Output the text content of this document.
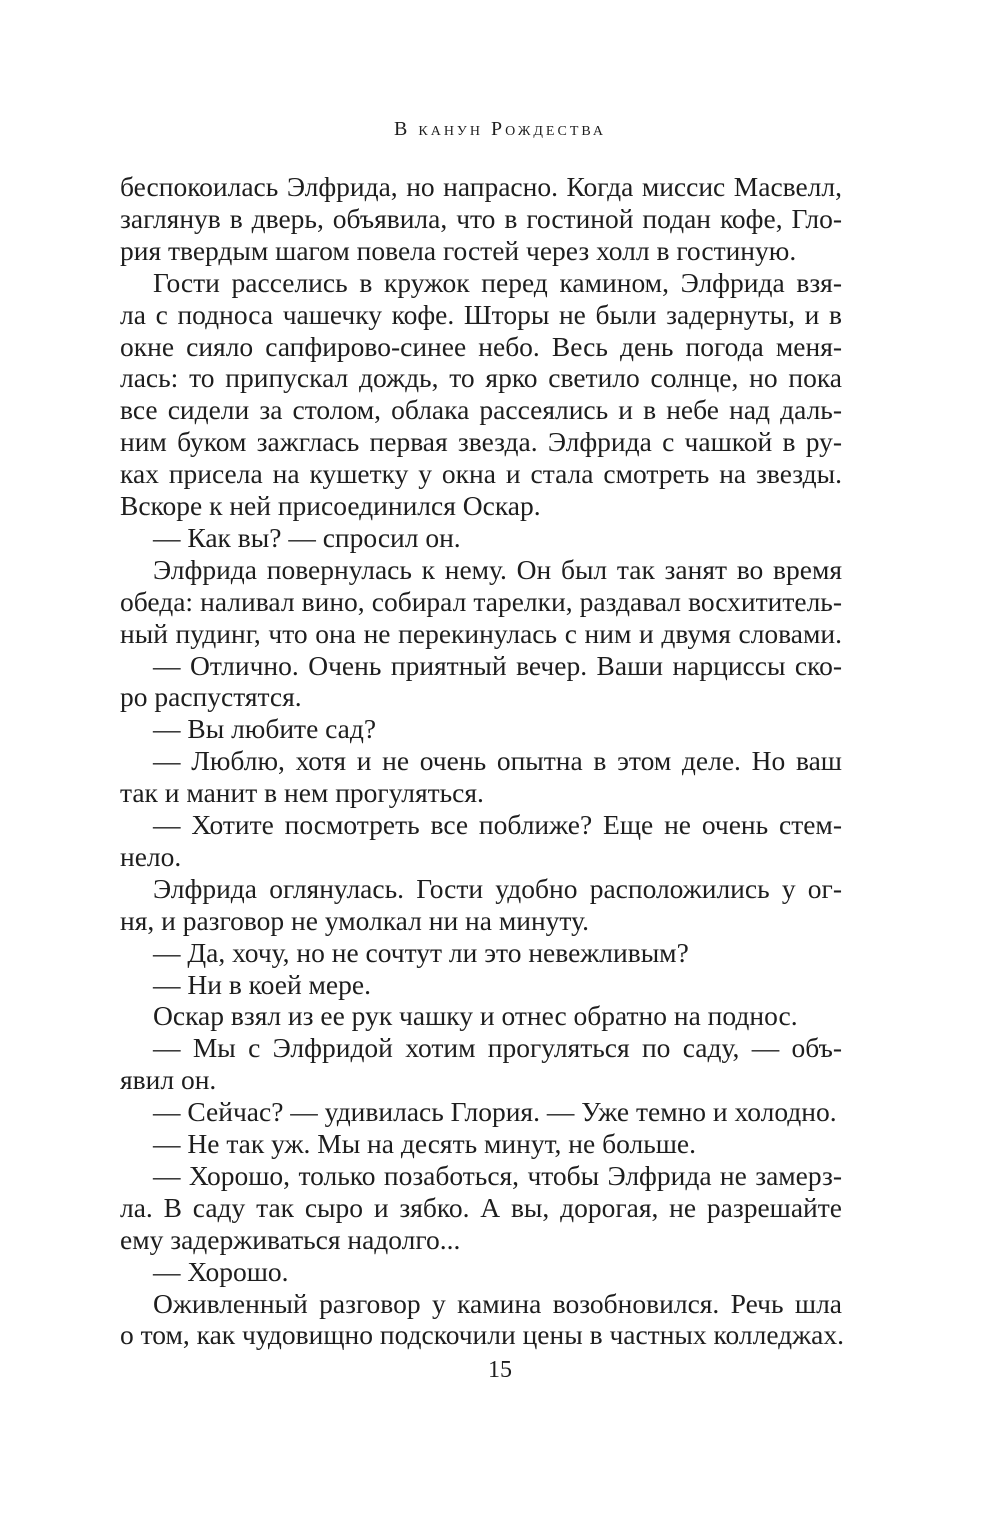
В канун Рождества
беспокоилась Элфрида, но напрасно. Когда миссис Масвелл,
заглянув в дверь, объявила, что в гостиной подан кофе, Гло-
рия твердым шагом повела гостей через холл в гостиную.
Гости расселись в кружок перед камином, Элфрида взя-
ла с подноса чашечку кофе. Шторы не были задернуты, и в
окне сияло сапфирово-синее небо. Весь день погода меня-
лась: то припускал дождь, то ярко светило солнце, но пока
все сидели за столом, облака рассеялись и в небе над даль-
ним буком зажглась первая звезда. Элфрида с чашкой в ру-
ках присела на кушетку у окна и стала смотреть на звезды.
Вскоре к ней присоединился Оскар.
— Как вы? — спросил он.
Элфрида повернулась к нему. Он был так занят во время
обеда: наливал вино, собирал тарелки, раздавал восхититель-
ный пудинг, что она не перекинулась с ним и двумя словами.
— Отлично. Очень приятный вечер. Ваши нарциссы ско-
ро распустятся.
— Вы любите сад?
— Люблю, хотя и не очень опытна в этом деле. Но ваш
так и манит в нем прогуляться.
— Хотите посмотреть все поближе? Еще не очень стем-
нело.
Элфрида оглянулась. Гости удобно расположились у ог-
ня, и разговор не умолкал ни на минуту.
— Да, хочу, но не сочтут ли это невежливым?
— Ни в коей мере.
Оскар взял из ее рук чашку и отнес обратно на поднос.
— Мы с Элфридой хотим прогуляться по саду, — объ-
явил он.
— Сейчас? — удивилась Глория. — Уже темно и холодно.
— Не так уж. Мы на десять минут, не больше.
— Хорошо, только позаботься, чтобы Элфрида не замерз-
ла. В саду так сыро и зябко. А вы, дорогая, не разрешайте
ему задерживаться надолго...
— Хорошо.
Оживленный разговор у камина возобновился. Речь шла
о том, как чудовищно подскочили цены в частных колледжах.
15
